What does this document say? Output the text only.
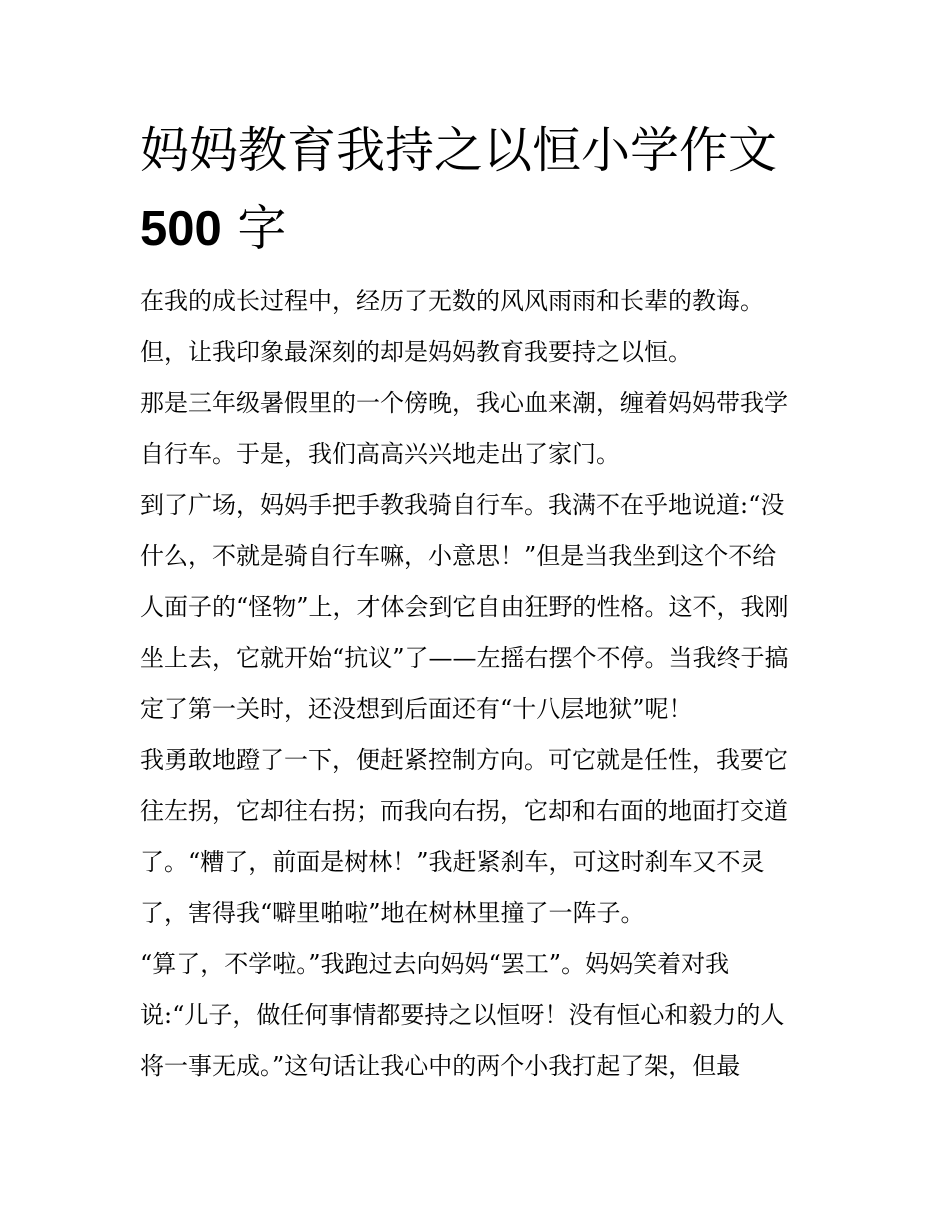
妈妈教育我持之以恒小学作文
500 字
在我的成长过程中，经历了无数的风风雨雨和长辈的教诲。
但，让我印象最深刻的却是妈妈教育我要持之以恒。
那是三年级暑假里的一个傍晚，我心血来潮，缠着妈妈带我学
自行车。于是，我们高高兴兴地走出了家门。
到了广场，妈妈手把手教我骑自行车。我满不在乎地说道:“没
什么，不就是骑自行车嘛，小意思！”但是当我坐到这个不给
人面子的“怪物”上，才体会到它自由狂野的性格。这不，我刚
坐上去，它就开始“抗议”了——左摇右摆个不停。当我终于搞
定了第一关时，还没想到后面还有“十八层地狱”呢！
我勇敢地蹬了一下，便赶紧控制方向。可它就是任性，我要它
往左拐，它却往右拐；而我向右拐，它却和右面的地面打交道
了。“糟了，前面是树林！”我赶紧刹车，可这时刹车又不灵
了，害得我“噼里啪啦”地在树林里撞了一阵子。
“算了，不学啦。”我跑过去向妈妈“罢工”。妈妈笑着对我
说:“儿子，做任何事情都要持之以恒呀！没有恒心和毅力的人
将一事无成。”这句话让我心中的两个小我打起了架，但最
